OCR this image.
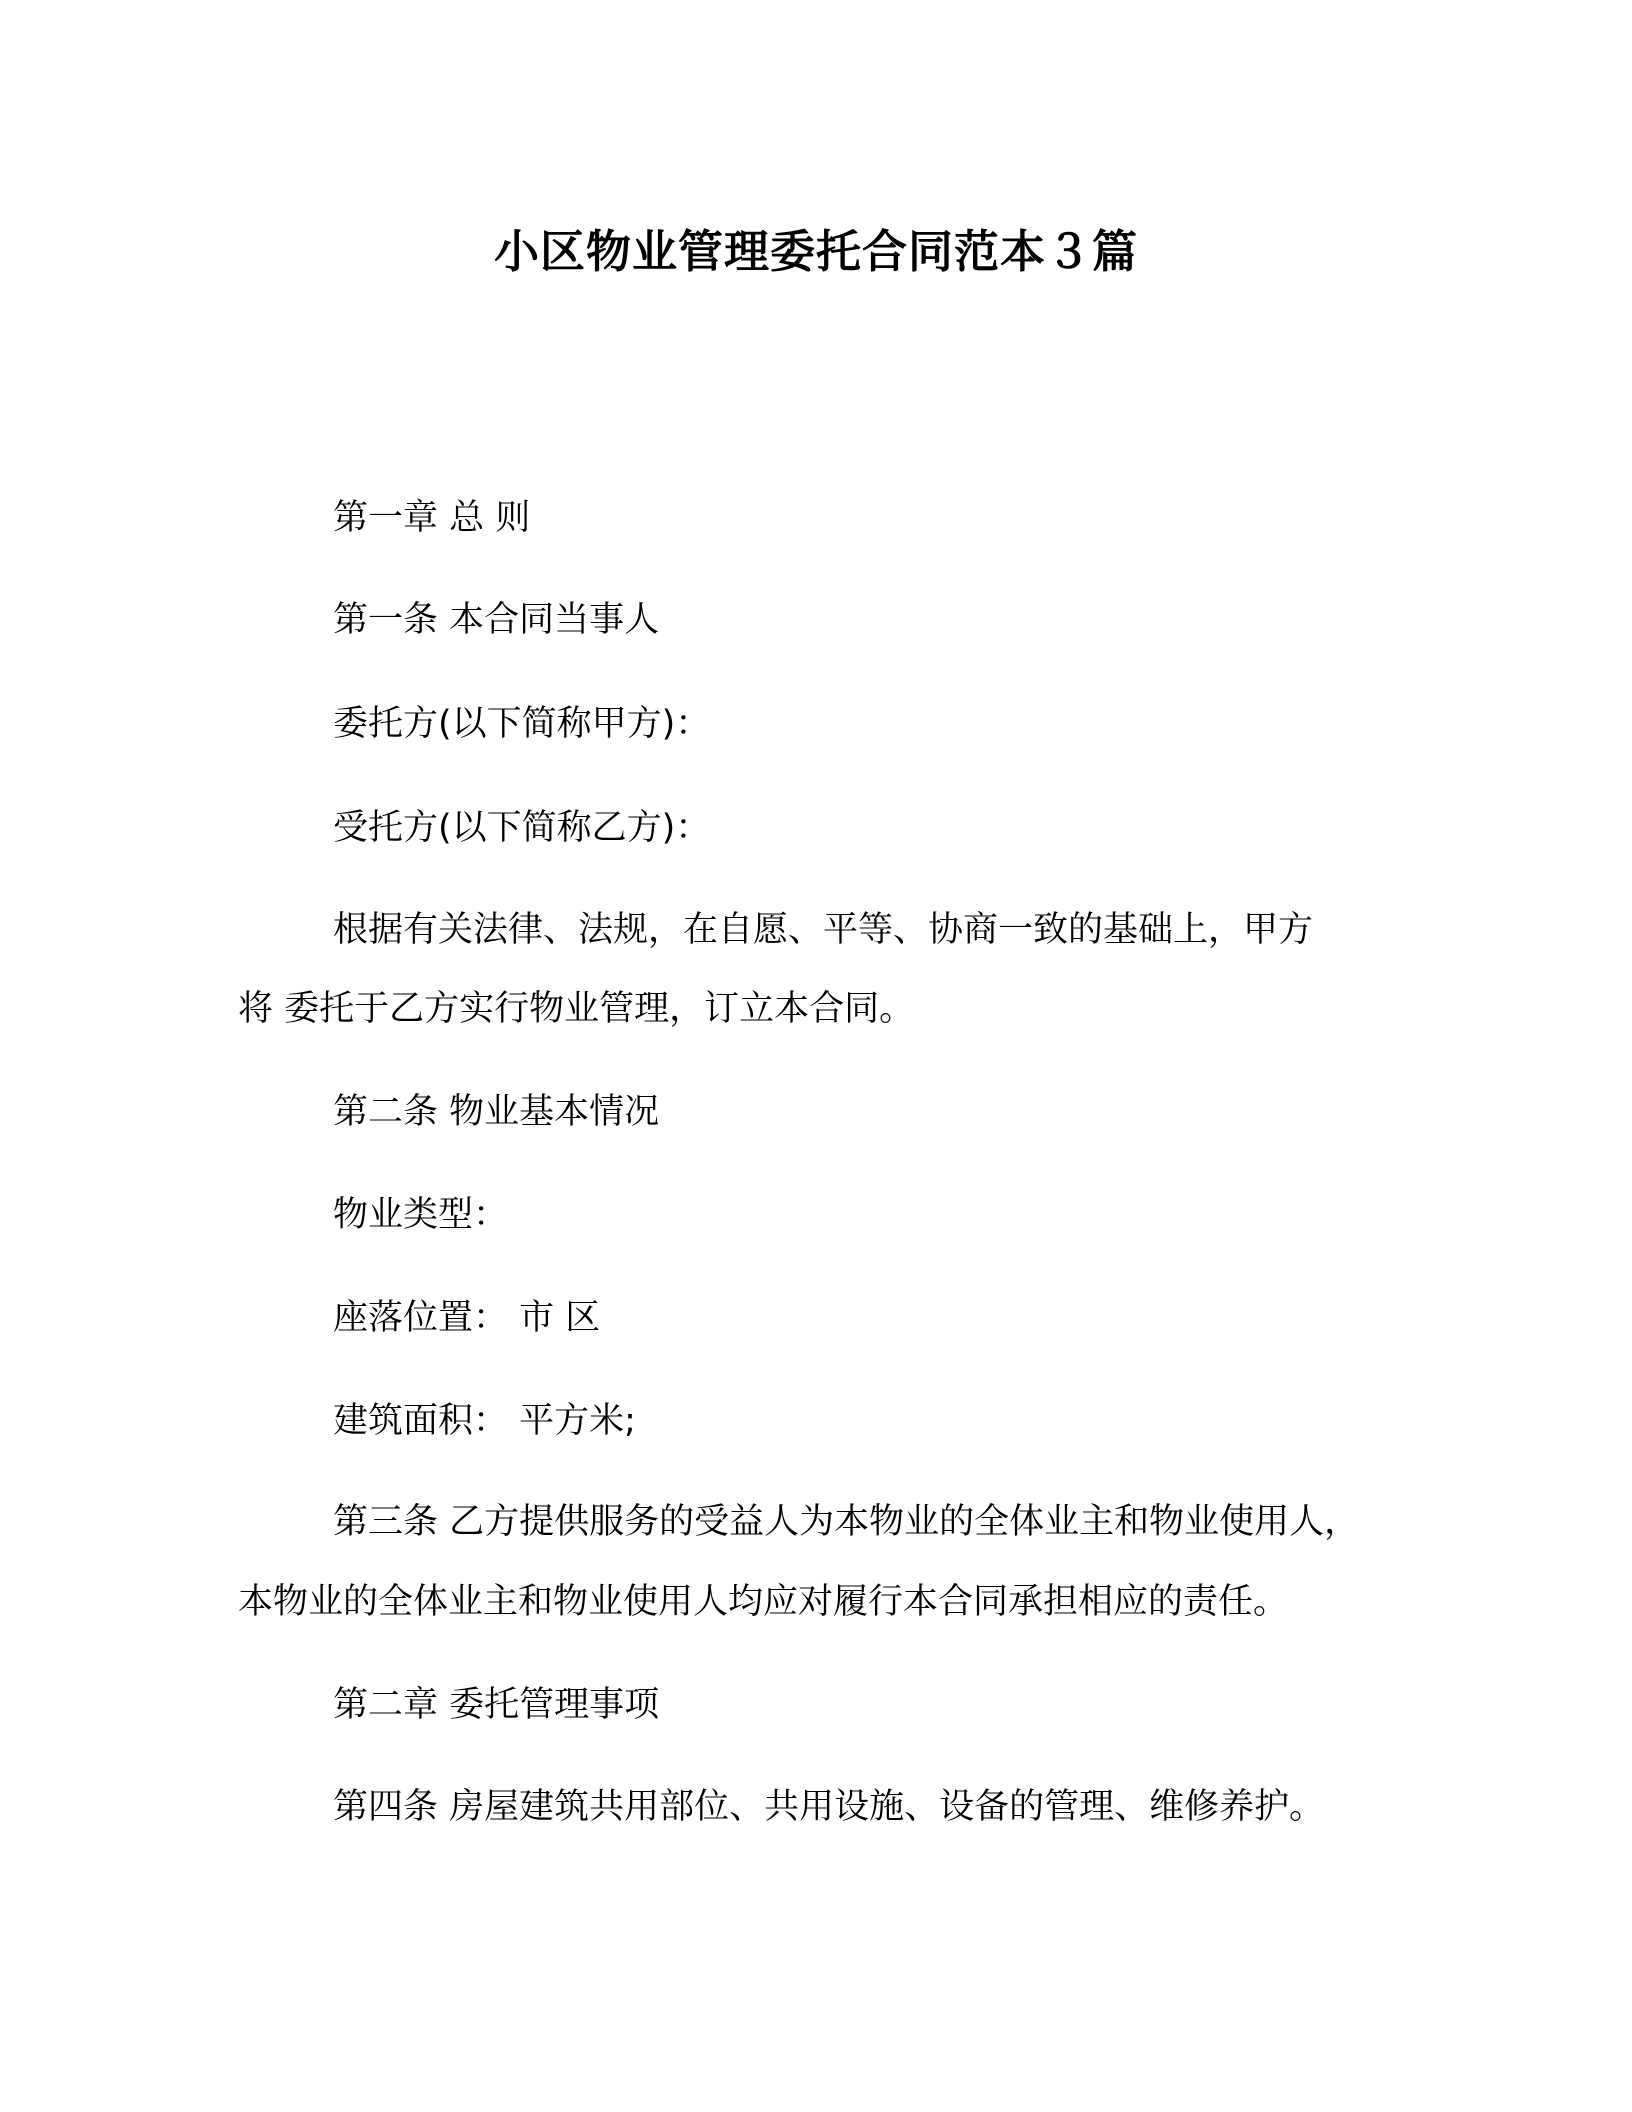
小区物业管理委托合同范本３篇
第一章 总 则
第一条 本合同当事人
委托方(以下简称甲方)：
受托方(以下简称乙方)：
根据有关法律、法规，在自愿、平等、协商一致的基础上，甲方
将 委托于乙方实行物业管理，订立本合同。
第二条 物业基本情况
物业类型：
座落位置： 市 区
建筑面积： 平方米;
第三条 乙方提供服务的受益人为本物业的全体业主和物业使用人，
本物业的全体业主和物业使用人均应对履行本合同承担相应的责任。
第二章 委托管理事项
第四条 房屋建筑共用部位、共用设施、设备的管理、维修养护。
